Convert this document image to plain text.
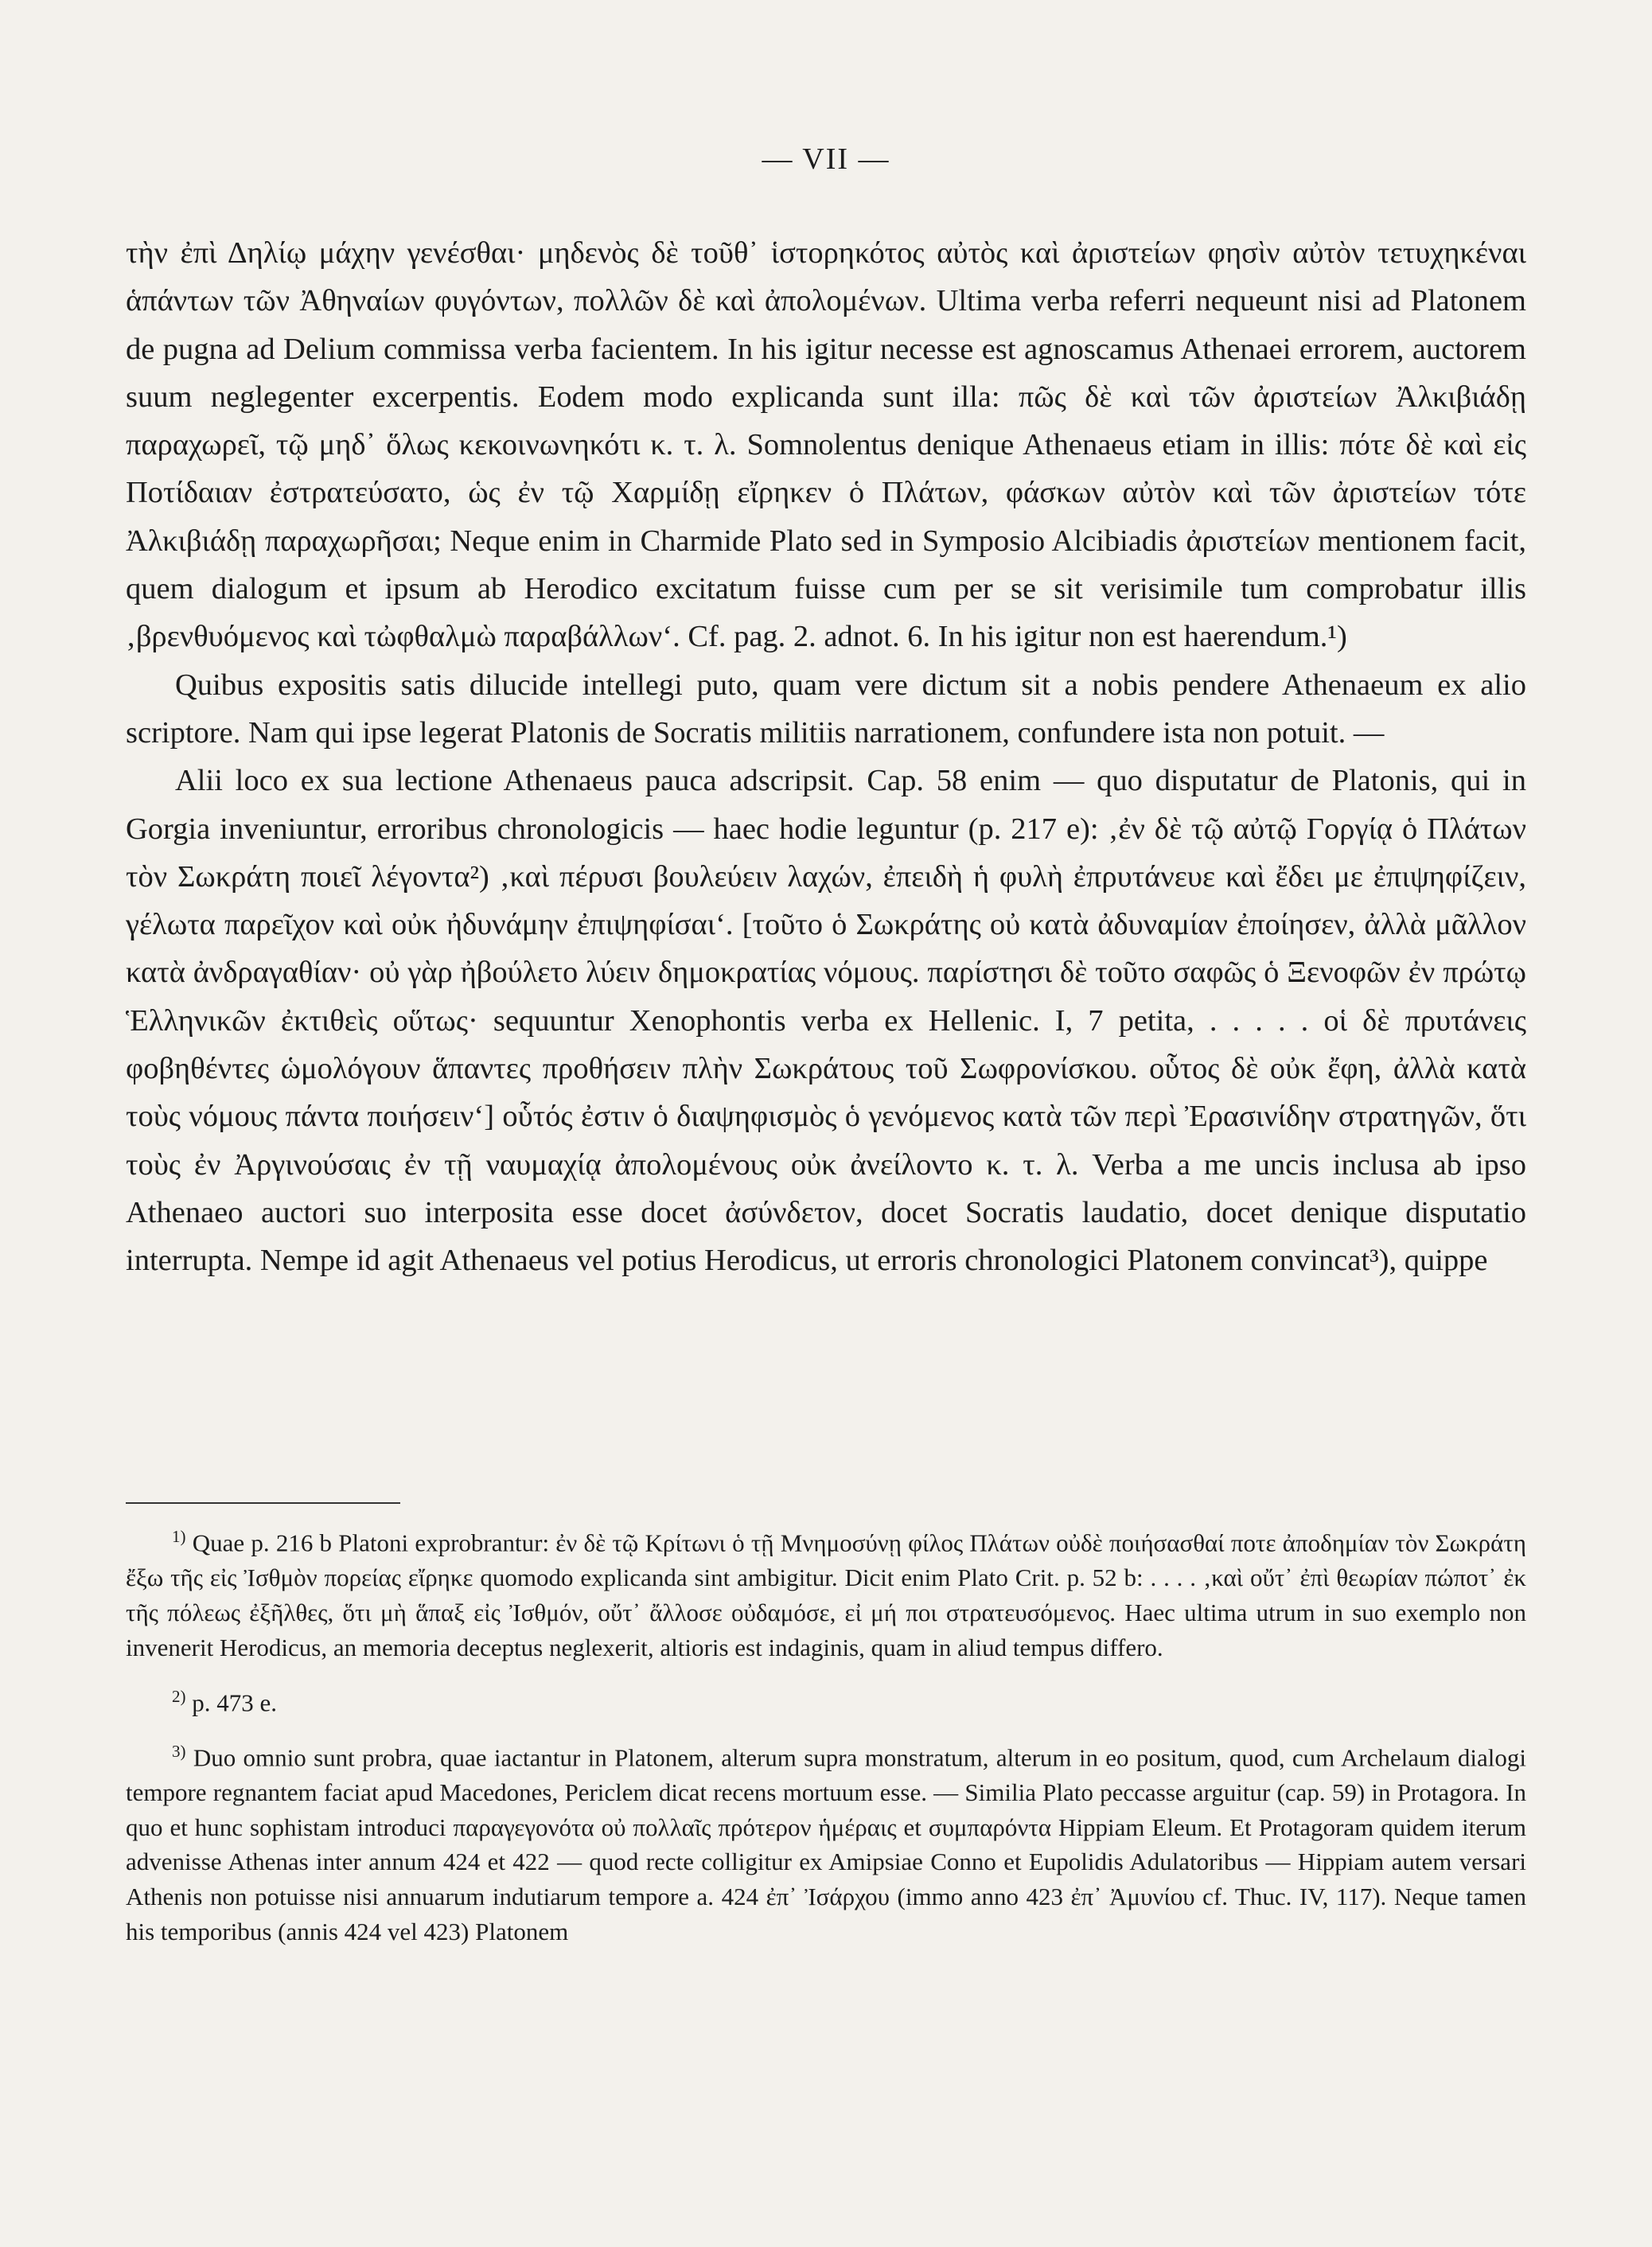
— VII —

τὴν ἐπὶ Δηλίῳ μάχην γενέσθαι· μηδενὸς δὲ τοῦθ᾿ ἱστορηκότος αὐτὸς καὶ ἀριστείων φησὶν αὐτὸν τετυχηκέναι ἁπάντων τῶν Ἀθηναίων φυγόντων, πολλῶν δὲ καὶ ἀπολομένων. Ultima verba referri nequeunt nisi ad Platonem de pugna ad Delium commissa verba facientem. In his igitur necesse est agnoscamus Athenaei errorem, auctorem suum neglegenter excerpentis. Eodem modo explicanda sunt illa: πῶς δὲ καὶ τῶν ἀριστείων Ἀλκιβιάδῃ παραχωρεῖ, τῷ μηδ᾿ ὅλως κεκοινωνηκότι κ. τ. λ. Somnolentus denique Athenaeus etiam in illis: πότε δὲ καὶ εἰς Ποτίδαιαν ἐστρατεύσατο, ὡς ἐν τῷ Χαρμίδῃ εἴρηκεν ὁ Πλάτων, φάσκων αὐτὸν καὶ τῶν ἀριστείων τότε Ἀλκιβιάδῃ παραχωρῆσαι; Neque enim in Charmide Plato sed in Symposio Alcibiadis ἀριστείων mentionem facit, quem dialogum et ipsum ab Herodico excitatum fuisse cum per se sit verisimile tum comprobatur illis ‚βρενθυόμενος καὶ τὠφθαλμὼ παραβάλλων‘. Cf. pag. 2. adnot. 6. In his igitur non est haerendum.¹)

Quibus expositis satis dilucide intellegi puto, quam vere dictum sit a nobis pendere Athenaeum ex alio scriptore. Nam qui ipse legerat Platonis de Socratis militiis narrationem, confundere ista non potuit. —

Alii loco ex sua lectione Athenaeus pauca adscripsit. Cap. 58 enim — quo disputatur de Platonis, qui in Gorgia inveniuntur, erroribus chronologicis — haec hodie leguntur (p. 217 e): ‚ἐν δὲ τῷ αὐτῷ Γοργίᾳ ὁ Πλάτων τὸν Σωκράτη ποιεῖ λέγοντα²) ‚καὶ πέρυσι βουλεύειν λαχών, ἐπειδὴ ἡ φυλὴ ἐπρυτάνευε καὶ ἔδει με ἐπιψηφίζειν, γέλωτα παρεῖχον καὶ οὐκ ἠδυνάμην ἐπιψηφίσαι‘. [τοῦτο ὁ Σωκράτης οὐ κατὰ ἀδυναμίαν ἐποίησεν, ἀλλὰ μᾶλλον κατὰ ἀνδραγαθίαν· οὐ γὰρ ἠβούλετο λύειν δημοκρατίας νόμους. παρίστησι δὲ τοῦτο σαφῶς ὁ Ξενοφῶν ἐν πρώτῳ Ἑλληνικῶν ἐκτιθεὶς οὕτως· sequuntur Xenophontis verba ex Hellenic. I, 7 petita, . . . . . οἱ δὲ πρυτάνεις φοβηθέντες ὡμολόγουν ἅπαντες προθήσειν πλὴν Σωκράτους τοῦ Σωφρονίσκου. οὗτος δὲ οὐκ ἔφη, ἀλλὰ κατὰ τοὺς νόμους πάντα ποιήσειν‘] οὗτός ἐστιν ὁ διαψηφισμὸς ὁ γενόμενος κατὰ τῶν περὶ Ἐρασινίδην στρατηγῶν, ὅτι τοὺς ἐν Ἀργινούσαις ἐν τῇ ναυμαχίᾳ ἀπολομένους οὐκ ἀνείλοντο κ. τ. λ. Verba a me uncis inclusa ab ipso Athenaeo auctori suo interposita esse docet ἀσύνδετον, docet Socratis laudatio, docet denique disputatio interrupta. Nempe id agit Athenaeus vel potius Herodicus, ut erroris chronologici Platonem convincat³), quippe

$^{1)}$ Quae p. 216 b Platoni exprobrantur: ἐν δὲ τῷ Κρίτωνι ὁ τῇ Μνημοσύνῃ φίλος Πλάτων οὐδὲ ποιήσασθαί ποτε ἀποδημίαν τὸν Σωκράτη ἔξω τῆς εἰς Ἰσθμὸν πορείας εἴρηκε quomodo explicanda sint ambigitur. Dicit enim Plato Crit. p. 52 b: . . . . ‚καὶ οὔτ᾿ ἐπὶ θεωρίαν πώποτ᾿ ἐκ τῆς πόλεως ἐξῆλθες, ὅτι μὴ ἅπαξ εἰς Ἰσθμόν, οὔτ᾿ ἄλλοσε οὐδαμόσε, εἰ μή ποι στρατευσόμενος. Haec ultima utrum in suo exemplo non invenerit Herodicus, an memoria deceptus neglexerit, altioris est indaginis, quam in aliud tempus differo.

$^{2)}$ p. 473 e.

$^{3)}$ Duo omnio sunt probra, quae iactantur in Platonem, alterum supra monstratum, alterum in eo positum, quod, cum Archelaum dialogi tempore regnantem faciat apud Macedones, Periclem dicat recens mortuum esse. — Similia Plato peccasse arguitur (cap. 59) in Protagora. In quo et hunc sophistam introduci παραγεγονότα οὐ πολλαῖς πρότερον ἡμέραις et συμπαρόντα Hippiam Eleum. Et Protagoram quidem iterum advenisse Athenas inter annum 424 et 422 — quod recte colligitur ex Amipsiae Conno et Eupolidis Adulatoribus — Hippiam autem versari Athenis non potuisse nisi annuarum indutiarum tempore a. 424 ἐπ᾿ Ἰσάρχου (immo anno 423 ἐπ᾿ Ἀμυνίου cf. Thuc. IV, 117). Neque tamen his temporibus (annis 424 vel 423) Platonem
